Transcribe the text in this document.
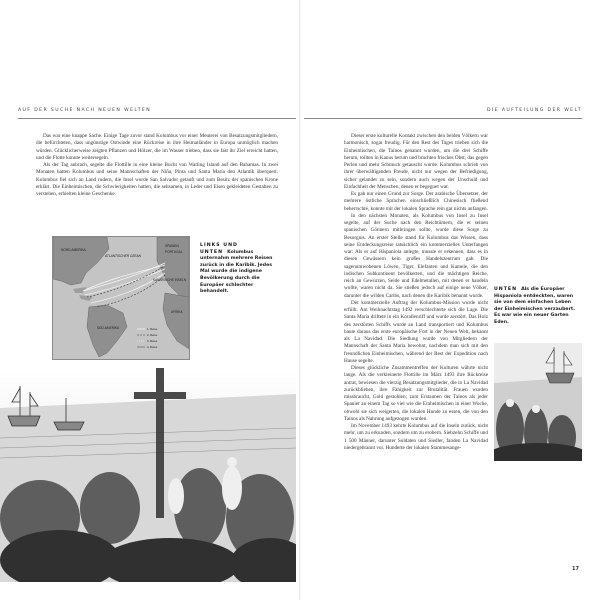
AUF DER SUCHE NACH NEUEN WELTEN	DIE AUFTEILUNG DER WELT

Das war eine knappe Sache. Einige Tage zuvor stand Kolumbus vor einer Meuterei von Besatzungsmitgliedern, die befürchteten, dass ungünstige Ostwinde eine Rückreise in ihre Heimatländer in Europa unmöglich machen würden. Glücklicherweise zeigten Pflanzen und Hölzer, die im Wasser trieben, dass sie fast ihr Ziel erreicht hatten, und die Flotte konnte weitersegeln.

Als der Tag anbrach, segelte die Flottille in eine kleine Bucht von Watling Island auf den Bahamas. In zwei Monaten hatten Kolumbus und seine Mannschaften der Niña, Pinta und Santa María den Atlantik überquert. Kolumbus fiel sich an Land rudern, die Insel wurde San Salvador getauft und zum Besitz der spanischen Krone erklärt. Die Einheimischen, die Schwierigkeiten hatten, die seltsamen, in Leder und Eisen gekleideten Gestalten zu verstehen, erhielten kleine Geschenke.

NORD-AMERIKA
ATLANTISCHER OZEAN
PORTUGAL
SPANIEN
AFRIKA
SÜD-AMERIKA
KANARISCHE INSELN
1. Reise
2. Reise
3. Reise
4. Reise
LINKS UND UNTEN Kolumbus unternahm mehrere Reisen zurück in die Karibik. Jedes Mal wurde die indigene Bevölkerung durch die Europäer schlechter behandelt.

Dieser erste kulturelle Kontakt zwischen den beiden Völkern war harmonisch, sogar freudig. Für den Rest des Tages trieben sich die Einheimischen, die Taínos genannt wurden, um die drei Schiffe herum, tollten in Kanus herum und brachten frisches Obst, das gegen Perlen und mehr Schmuck getauscht wurde. Kolumbus schrieb von ihrer überwältigenden Freude, nicht nur wegen der Befriedigung, sicher gelandet zu sein, sondern auch wegen der Unschuld und Einfachheit der Menschen, denen er begegnet war.

Es gab nur einen Grund zur Sorge. Der arabische Übersetzer, der mehrere östliche Sprachen einschließlich Chinesisch fließend beherrschte, konnte mit der lokalen Sprache rein gar nichts anfangen.

In den nächsten Monaten, als Kolumbus von Insel zu Insel segelte, auf der Suche nach den Reichtümern, die er seinen spanischen Gönnern mitbringen sollte, wurde diese Sorge zu Besorgnis. An erster Stelle stand für Kolumbus das Wissen, dass seine Entdeckungsreise tatsächlich ein kommerzielles Unterfangen war: Als er auf Hispaniola anlegte, musste er erkennen, dass es in diesen Gewässern kein großes Handelszentrum gab. Die sagenumwobenen Löwen, Tiger, Elefanten und Kamele, die den indischen Subkontinent bevölkerten, und die mächtigen Reiche, reich an Gewürzen, Seide und Edelmetallen, mit denen er handeln wollte, waren nicht da. Sie stießen jedoch auf einige neue Völker, darunter die wilden Caribs, nach denen die Karibik benannt wurde.

Der kommerzielle Auftrag der Kolumbus-Mission wurde nicht erfüllt. Am Weihnachtstag 1492 verschlechterte sich die Lage. Die Santa María driftete in ein Korallenriff und wurde zerstört. Das Holz des zerstörten Schiffs wurde an Land transportiert und Kolumbus baute daraus das erste europäische Fort in der Neuen Welt, bekannt als La Navidad. Die Siedlung wurde von Mitgliedern der Mannschaft der Santa María bewohnt, nachdem man sich mit den freundlichen Einheimischen, während der Rest der Expedition nach Hause segelte.

Dieses glückliche Zusammentreffen der Kulturen währte nicht lange. Als die verkleinerte Flottille im März 1493 ihre Rückreise antrat, bewiesen die vierzig Besatzungsmitglieder, die in La Navidad zurückblieben, ihre Fähigkeit zur Brutalität. Frauen wurden missbraucht, Gold gestohlen; zum Erstaunen der Taínos als jeder Spanier an einem Tag so viel wie die Einheimischen in einer Woche, obwohl sie sich weigerten, die lokalen Hunde zu essen, die von den Taínos als Nahrung aufgezogen wurden.

Im November 1493 kehrte Kolumbus auf die Inseln zurück, nicht mehr, um zu erkunden, sondern um zu erobern. Siebzehn Schiffe und 1 500 Männer, darunter Soldaten und Siedler, fanden La Navidad niedergebrannt vor. Hunderte der lokalen Stammesange-

UNTEN Als die Europäer Hispaniola entdeckten, waren sie von dem einfachen Leben der Einheimischen verzaubert. Es war wie ein neuer Garten Eden.
17
